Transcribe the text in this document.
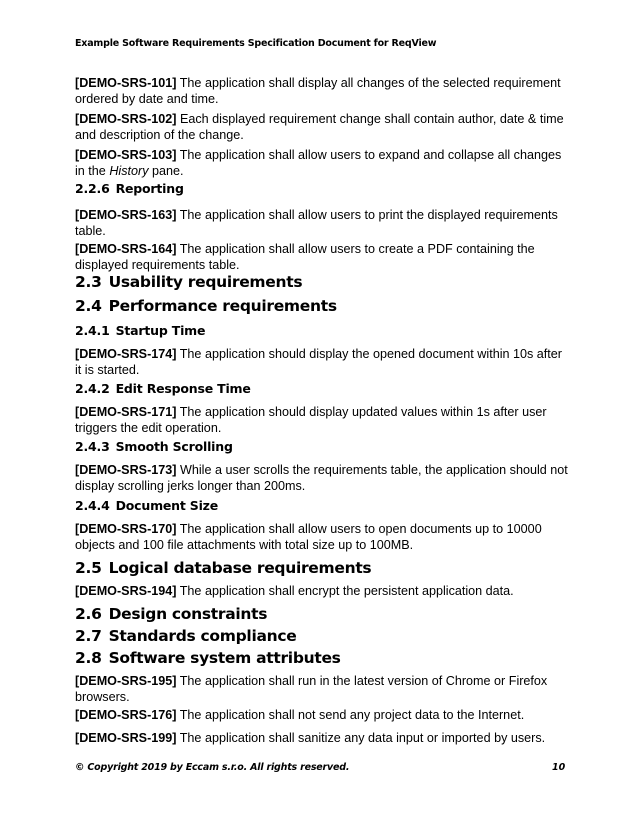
Example Software Requirements Specification Document for ReqView
[DEMO-SRS-101] The application shall display all changes of the selected requirement ordered by date and time.
[DEMO-SRS-102] Each displayed requirement change shall contain author, date & time and description of the change.
[DEMO-SRS-103] The application shall allow users to expand and collapse all changes in the History pane.
2.2.6 Reporting
[DEMO-SRS-163] The application shall allow users to print the displayed requirements table.
[DEMO-SRS-164] The application shall allow users to create a PDF containing the displayed requirements table.
2.3 Usability requirements
2.4 Performance requirements
2.4.1 Startup Time
[DEMO-SRS-174] The application should display the opened document within 10s after it is started.
2.4.2 Edit Response Time
[DEMO-SRS-171] The application should display updated values within 1s after user triggers the edit operation.
2.4.3 Smooth Scrolling
[DEMO-SRS-173] While a user scrolls the requirements table, the application should not display scrolling jerks longer than 200ms.
2.4.4 Document Size
[DEMO-SRS-170] The application shall allow users to open documents up to 10000 objects and 100 file attachments with total size up to 100MB.
2.5 Logical database requirements
[DEMO-SRS-194] The application shall encrypt the persistent application data.
2.6 Design constraints
2.7 Standards compliance
2.8 Software system attributes
[DEMO-SRS-195] The application shall run in the latest version of Chrome or Firefox browsers.
[DEMO-SRS-176] The application shall not send any project data to the Internet.
[DEMO-SRS-199] The application shall sanitize any data input or imported by users.
© Copyright 2019 by Eccam s.r.o. All rights reserved.	10
